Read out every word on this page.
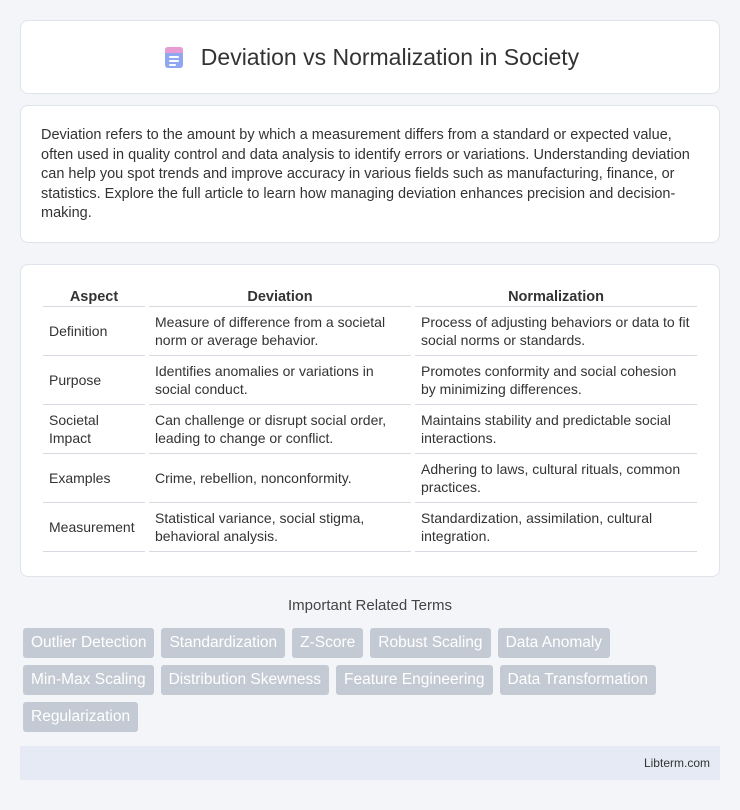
Deviation vs Normalization in Society

Deviation refers to the amount by which a measurement differs from a standard or expected value, often used in quality control and data analysis to identify errors or variations. Understanding deviation can help you spot trends and improve accuracy in various fields such as manufacturing, finance, or statistics. Explore the full article to learn how managing deviation enhances precision and decision-making.

Aspect	Deviation	Normalization
Definition	Measure of difference from a societal norm or average behavior.	Process of adjusting behaviors or data to fit social norms or standards.
Purpose	Identifies anomalies or variations in social conduct.	Promotes conformity and social cohesion by minimizing differences.
Societal Impact	Can challenge or disrupt social order, leading to change or conflict.	Maintains stability and predictable social interactions.
Examples	Crime, rebellion, nonconformity.	Adhering to laws, cultural rituals, common practices.
Measurement	Statistical variance, social stigma, behavioral analysis.	Standardization, assimilation, cultural integration.
Important Related Terms
Outlier Detection	Standardization	Z-Score	Robust Scaling	Data Anomaly
Min-Max Scaling	Distribution Skewness	Feature Engineering	Data Transformation
Regularization
Libterm.com
